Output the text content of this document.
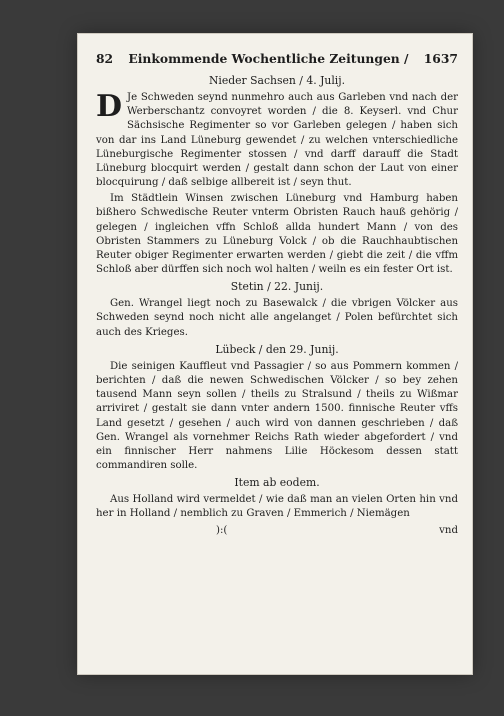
82 Einkommende Wochentliche Zeitungen / 1637
Nieder Sachsen / 4. Julij.
D Je Schweden seynd nunmehro auch aus Garleben vnd nach der Werberschantz convoyret worden / die 8. Keyserl. vnd Chur Sächsische Regimenter so vor Garleben gelegen / haben sich von dar ins Land Lüneburg gewendet / zu welchen vnterschiedliche Lüneburgische Regimenter stossen / vnd darff darauff die Stadt Lüneburg blocquirt werden / gestalt dann schon der Laut von einer blocquirung / daß selbige allbereit ist / seyn thut.
Im Städtlein Winsen zwischen Lüneburg vnd Hamburg haben bißhero Schwedische Reuter vnterm Obristen Rauch hauß gehörig / gelegen / ingleichen vffn Schloß allda hundert Mann / von des Obristen Stammers zu Lüneburg Volck / ob die Rauchhaubtischen Reuter obiger Regimenter erwarten werden / giebt die zeit / die vffm Schloß aber dürffen sich noch wol halten / weiln es ein fester Ort ist.
Stetin / 22. Junij.
Gen. Wrangel liegt noch zu Basewalck / die vbrigen Völcker aus Schweden seynd noch nicht alle angelanget / Polen befürchtet sich auch des Krieges.
Lübeck / den 29. Junij.
Die seinigen Kauffleut vnd Passagier / so aus Pommern kommen / berichten / daß die newen Schwedischen Völcker / so bey zehen tausend Mann seyn sollen / theils zu Stralsund / theils zu Wißmar arriviret / gestalt sie dann vnter andern 1500. finnische Reuter vffs Land gesetzt / gesehen / auch wird von dannen geschrieben / daß Gen. Wrangel als vornehmer Reichs Rath wieder abgefordert / vnd ein finnischer Herr nahmens Lilie Höckesom dessen statt commandiren solle.
Item ab eodem.
Aus Holland wird vermeldet / wie daß man an vielen Orten hin vnd her in Holland / nemblich zu Graven / Emmerich / Niemägen
):(	vnd
